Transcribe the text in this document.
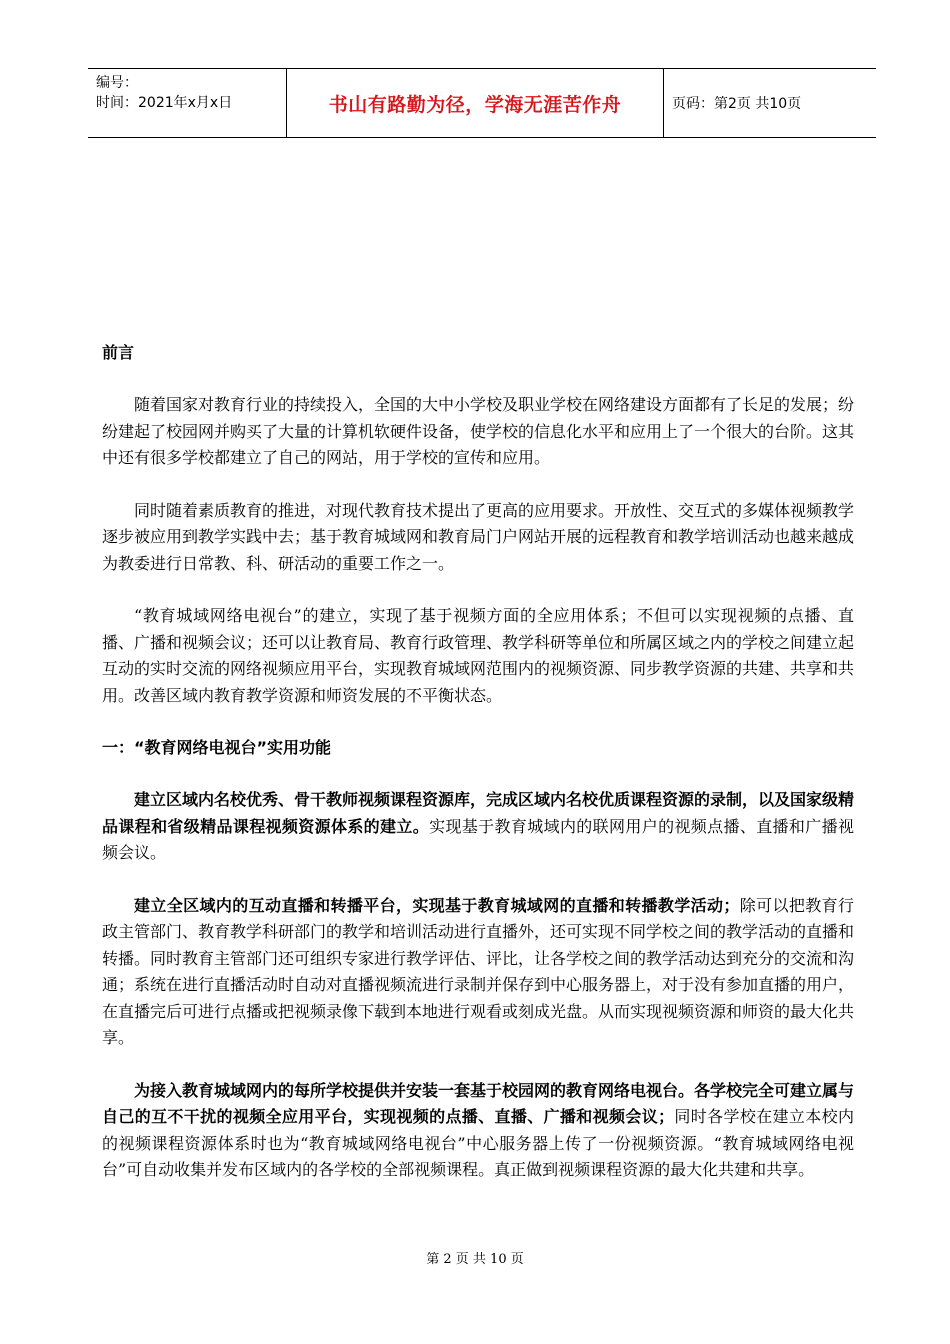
编号：
时间：2021年x月x日	书山有路勤为径，学海无涯苦作舟	页码：第2页 共10页

前言

随着国家对教育行业的持续投入，全国的大中小学校及职业学校在网络建设方面都有了长足的发展；纷纷建起了校园网并购买了大量的计算机软硬件设备，使学校的信息化水平和应用上了一个很大的台阶。这其中还有很多学校都建立了自己的网站，用于学校的宣传和应用。

同时随着素质教育的推进，对现代教育技术提出了更高的应用要求。开放性、交互式的多媒体视频教学逐步被应用到教学实践中去；基于教育城域网和教育局门户网站开展的远程教育和教学培训活动也越来越成为教委进行日常教、科、研活动的重要工作之一。

“教育城域网络电视台”的建立，实现了基于视频方面的全应用体系；不但可以实现视频的点播、直播、广播和视频会议；还可以让教育局、教育行政管理、教学科研等单位和所属区域之内的学校之间建立起互动的实时交流的网络视频应用平台，实现教育城域网范围内的视频资源、同步教学资源的共建、共享和共用。改善区域内教育教学资源和师资发展的不平衡状态。

一：“教育网络电视台”实用功能

建立区域内名校优秀、骨干教师视频课程资源库，完成区域内名校优质课程资源的录制，以及国家级精品课程和省级精品课程视频资源体系的建立。实现基于教育城域内的联网用户的视频点播、直播和广播视频会议。

建立全区域内的互动直播和转播平台，实现基于教育城域网的直播和转播教学活动；除可以把教育行政主管部门、教育教学科研部门的教学和培训活动进行直播外，还可实现不同学校之间的教学活动的直播和转播。同时教育主管部门还可组织专家进行教学评估、评比，让各学校之间的教学活动达到充分的交流和沟通；系统在进行直播活动时自动对直播视频流进行录制并保存到中心服务器上，对于没有参加直播的用户，在直播完后可进行点播或把视频录像下载到本地进行观看或刻成光盘。从而实现视频资源和师资的最大化共享。

为接入教育城域网内的每所学校提供并安装一套基于校园网的教育网络电视台。各学校完全可建立属与自己的互不干扰的视频全应用平台，实现视频的点播、直播、广播和视频会议；同时各学校在建立本校内的视频课程资源体系时也为“教育城域网络电视台”中心服务器上传了一份视频资源。“教育城域网络电视台”可自动收集并发布区域内的各学校的全部视频课程。真正做到视频课程资源的最大化共建和共享。

第 2 页 共 10 页
